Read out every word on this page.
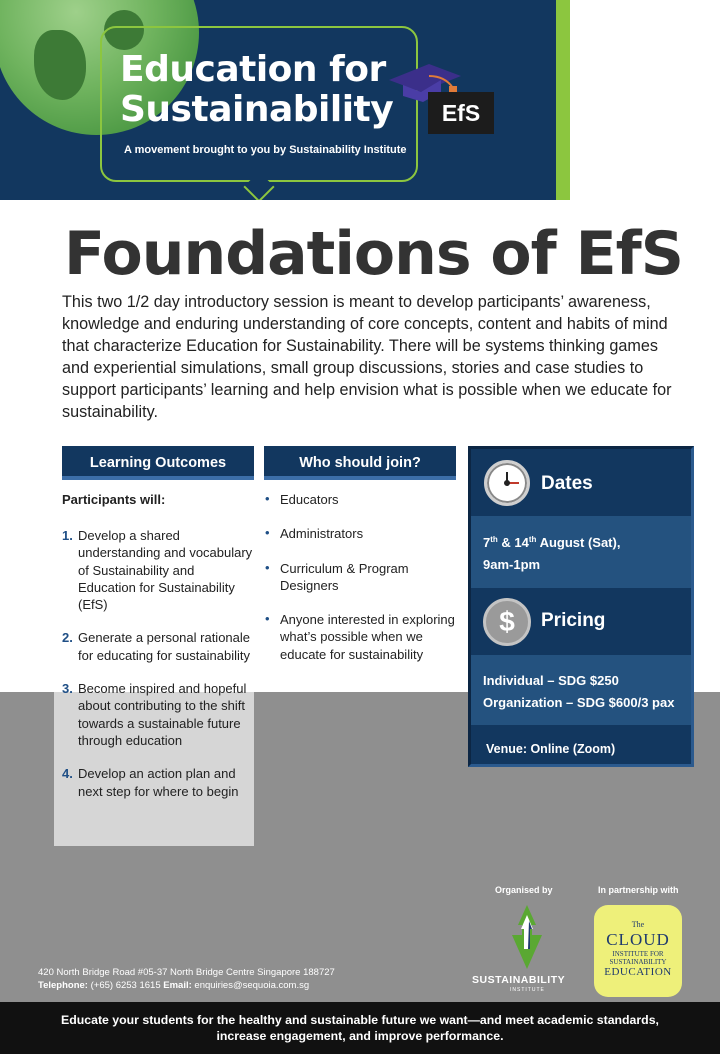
Education for
Sustainability	EfS
A movement brought to you by Sustainability Institute
Foundations of EfS

This two 1/2 day introductory session is meant to develop participants’ awareness, knowledge and enduring understanding of core concepts, content and habits of mind that characterize Education for Sustainability. There will be systems thinking games and experiential simulations, small group discussions, stories and case studies to support participants’ learning and help envision what is possible when we educate for sustainability.

Learning Outcomes
Participants will:
1. Develop a shared understanding and vocabulary of Sustainability and Education for Sustainability (EfS)
2. Generate a personal rationale for educating for sustainability
3. Become inspired and hopeful about contributing to the shift towards a sustainable future through education
4. Develop an action plan and next step for where to begin
Who should join?
• Educators
• Administrators
• Curriculum & Program Designers
• Anyone interested in exploring what’s possible when we educate for sustainability
Dates
7th & 14th August (Sat),
9am-1pm
$	Pricing
Individual – SDG $250
Organization – SDG $600/3 pax
Venue: Online (Zoom)
Organised by	In partnership with
SUSTAINABILITY
INSTITUTE
The
CLOUD
INSTITUTE FOR SUSTAINABILITY
EDUCATION
420 North Bridge Road #05-37 North Bridge Centre Singapore 188727
Telephone: (+65) 6253 1615 Email: enquiries@sequoia.com.sg
Educate your students for the healthy and sustainable future we want—and meet academic standards,
increase engagement, and improve performance.
